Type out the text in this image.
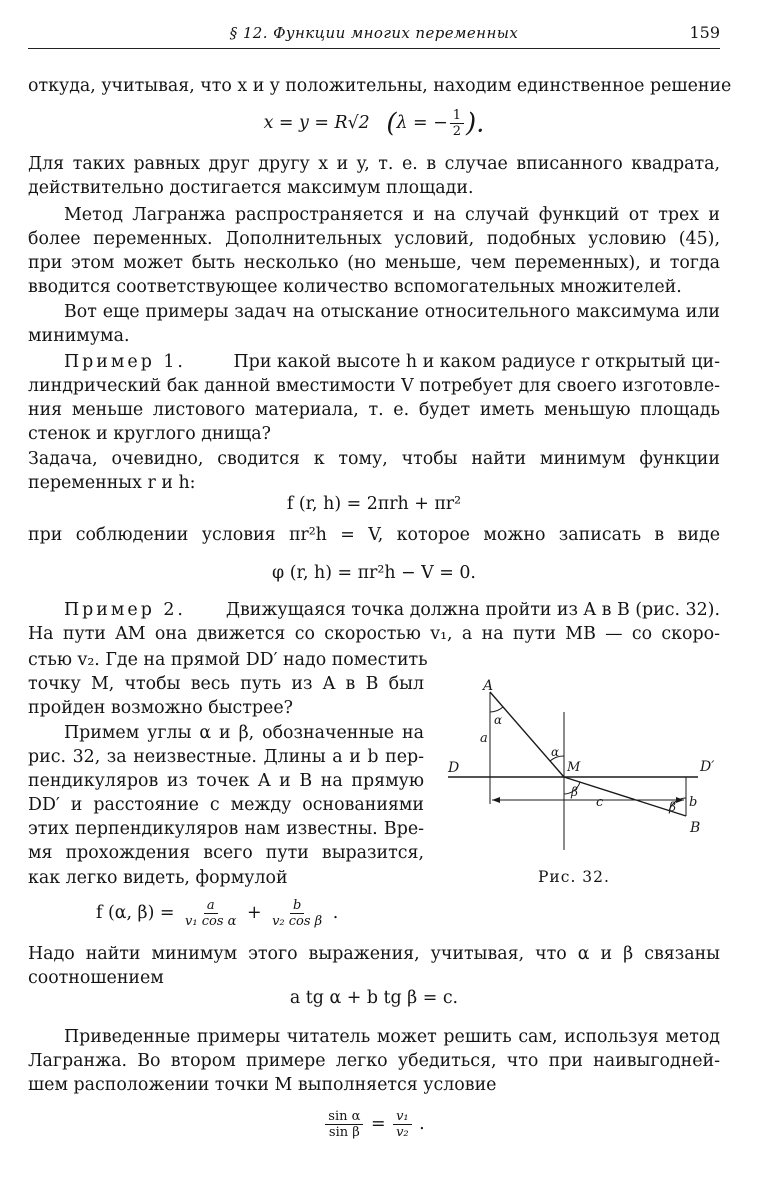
§ 12. Функции многих переменных	159
откуда, учитывая, что x и y положительны, находим единственное решение
x = y = R√2 (λ = − $\frac{1}{2}$ ).
Для таких равных друг другу x и y, т. е. в случае вписанного квадрата,
действительно достигается максимум площади.
Метод Лагранжа распространяется и на случай функций от трех и
более переменных. Дополнительных условий, подобных условию (45),
при этом может быть несколько (но меньше, чем переменных), и тогда
вводится соответствующее количество вспомогательных множителей.
Вот еще примеры задач на отыскание относительного максимума или
минимума.
Пример 1.	При какой высоте h и каком радиусе r открытый ци-
линдрический бак данной вместимости V потребует для своего изготовле-
ния меньше листового материала, т. е. будет иметь меньшую площадь
стенок и круглого днища?
Задача, очевидно, сводится к тому, чтобы найти минимум функции
переменных r и h:
f (r, h) = 2πrh + πr²
при соблюдении условия πr²h = V, которое можно записать в виде
φ (r, h) = πr²h − V = 0.
Пример 2. Движущаяся точка должна пройти из A в B (рис. 32).
На пути AM она движется со скоростью v₁, а на пути MB — со скоро-
стью v₂. Где на прямой DD′ надо поместить
точку M, чтобы весь путь из A в B был
пройден возможно быстрее?
Примем углы α и β, обозначенные на
рис. 32, за неизвестные. Длины a и b пер-
пендикуляров из точек A и B на прямую
DD′ и расстояние c между основаниями
этих перпендикуляров нам известны. Вре-
мя прохождения всего пути выразится,
как легко видеть, формулой
f (α, $\beta) = \frac{a}{\text{v₁ cos α}} + \frac{b}{\text{v₂ cos β}}$ .
Надо найти минимум этого выражения, учитывая, что α и β связаны
соотношением
a tg α + b tg β = c.
Приведенные примеры читатель может решить сам, используя метод
Лагранжа. Во втором примере легко убедиться, что при наивыгодней-
шем расположении точки M выполняется условие
$\frac{\text{sin α}}{\text{sin β}} = \frac{\text{v₁}}{\text{v₂}}$ .
A
B
D	D′
M
a
b
c
α
α
β
β
Рис. 32.
